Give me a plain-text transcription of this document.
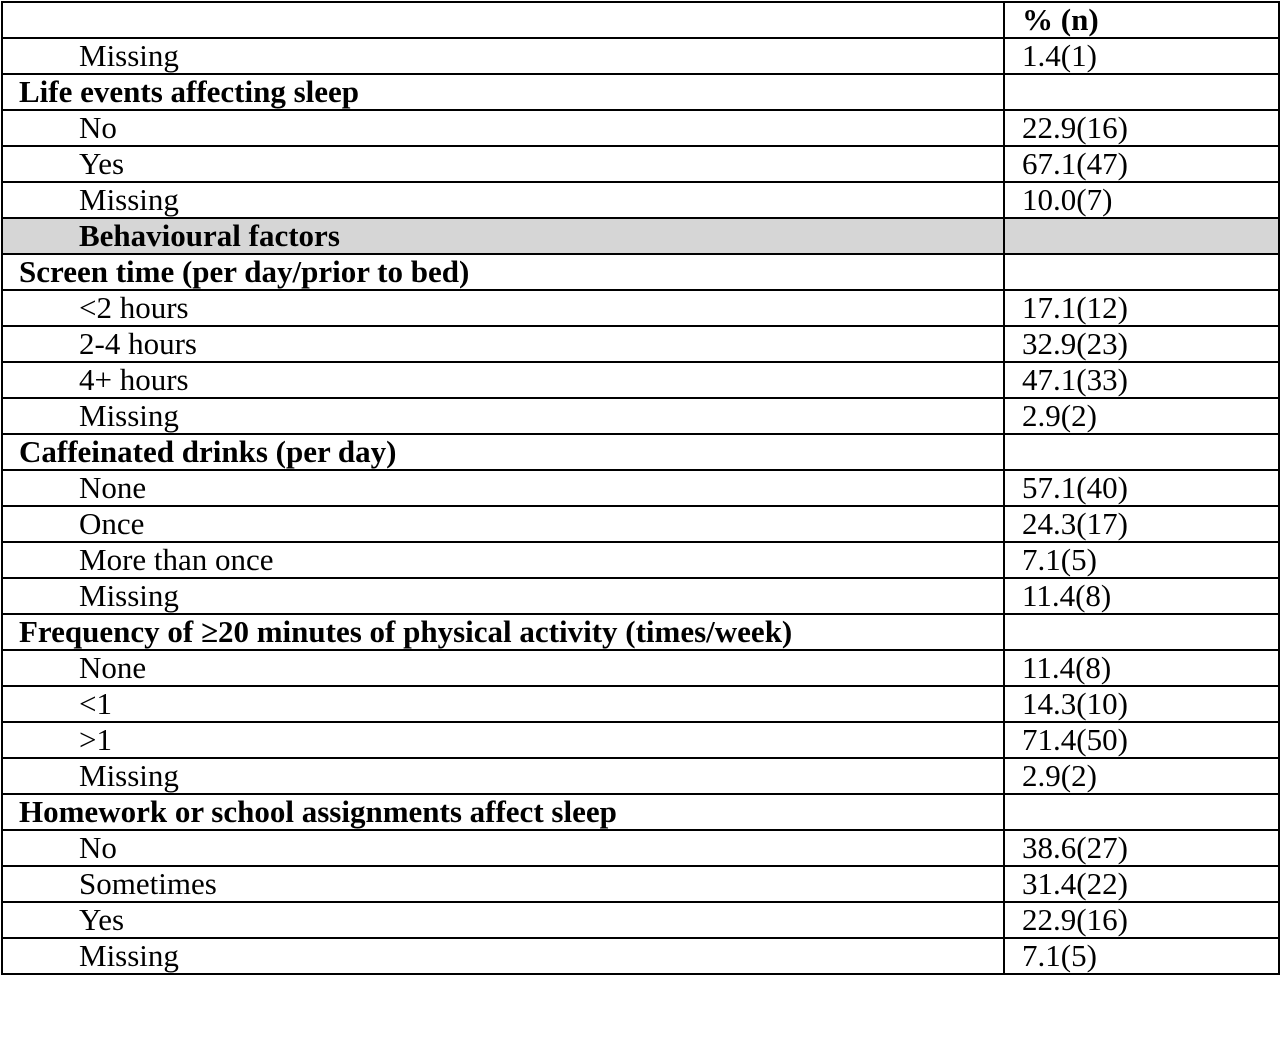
	% (n)
Missing	1.4(1)
Life events affecting sleep	
No	22.9(16)
Yes	67.1(47)
Missing	10.0(7)
Behavioural factors	
Screen time (per day/prior to bed)	
<2 hours	17.1(12)
2-4 hours	32.9(23)
4+ hours	47.1(33)
Missing	2.9(2)
Caffeinated drinks (per day)	
None	57.1(40)
Once	24.3(17)
More than once	7.1(5)
Missing	11.4(8)
Frequency of ≥20 minutes of physical activity (times/week)	
None	11.4(8)
<1	14.3(10)
>1	71.4(50)
Missing	2.9(2)
Homework or school assignments affect sleep	
No	38.6(27)
Sometimes	31.4(22)
Yes	22.9(16)
Missing	7.1(5)
